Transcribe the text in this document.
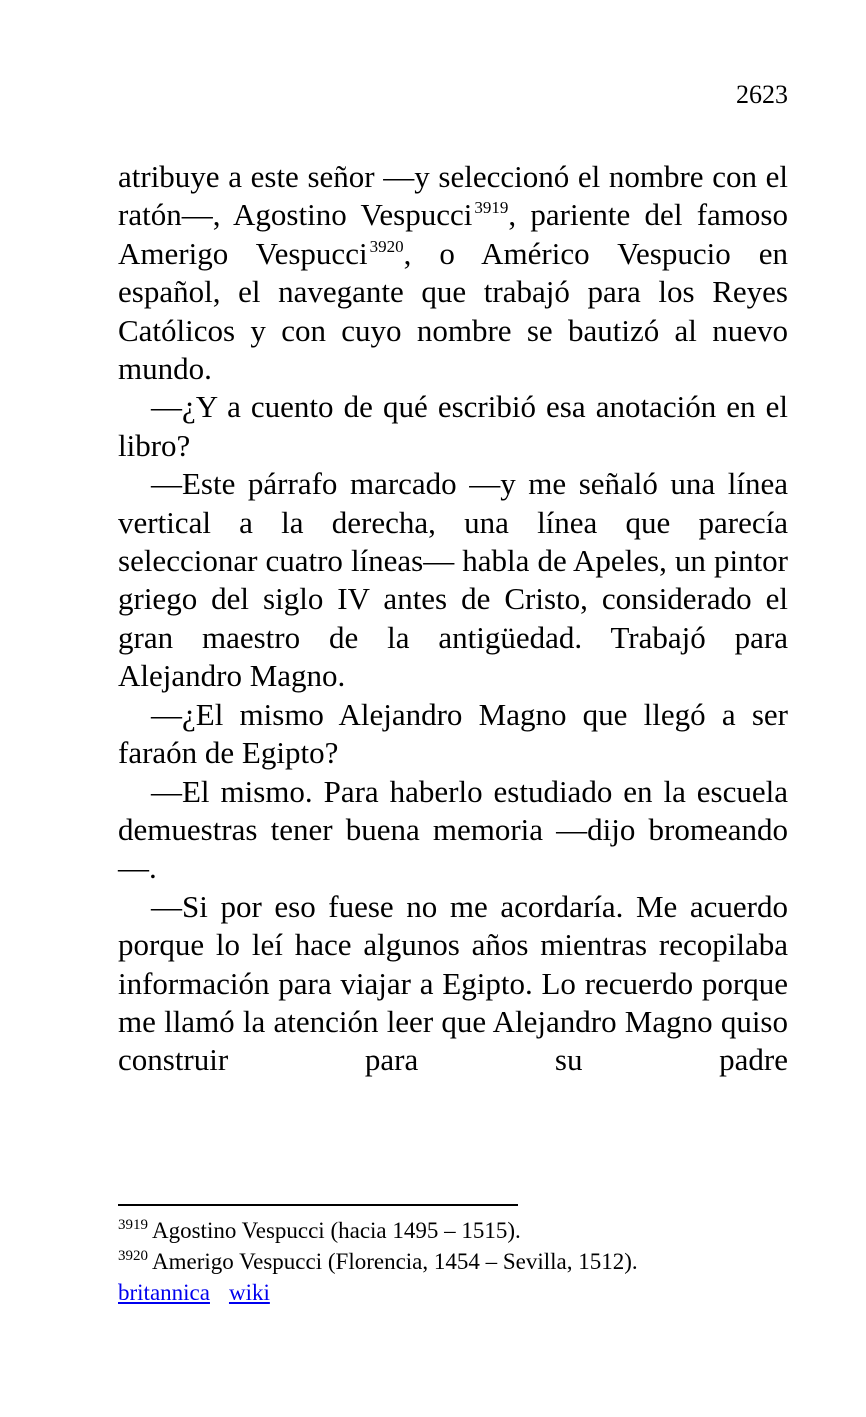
2623

atribuye a este señor —y seleccionó el nombre con el ratón—, Agostino Vespucci $^{3919}$, pariente del famoso Amerigo Vespucci $^{3920}$, o Américo Vespucio en español, el navegante que trabajó para los Reyes Católicos y con cuyo nombre se bautizó al nuevo mundo.

—¿Y a cuento de qué escribió esa anotación en el libro?

—Este párrafo marcado —y me señaló una línea vertical a la derecha, una línea que parecía seleccionar cuatro líneas— habla de Apeles, un pintor griego del siglo IV antes de Cristo, considerado el gran maestro de la antigüedad. Trabajó para Alejandro Magno.

—¿El mismo Alejandro Magno que llegó a ser faraón de Egipto?

—El mismo. Para haberlo estudiado en la escuela demuestras tener buena memoria —dijo bromeando—.

—Si por eso fuese no me acordaría. Me acuerdo porque lo leí hace algunos años mientras recopilaba información para viajar a Egipto. Lo recuerdo porque me llamó la atención leer que Alejandro Magno quiso construir para su padre

$^{3919}$ Agostino Vespucci (hacia 1495 – 1515).
$^{3920}$ Amerigo Vespucci (Florencia, 1454 – Sevilla, 1512).
britannica wiki
